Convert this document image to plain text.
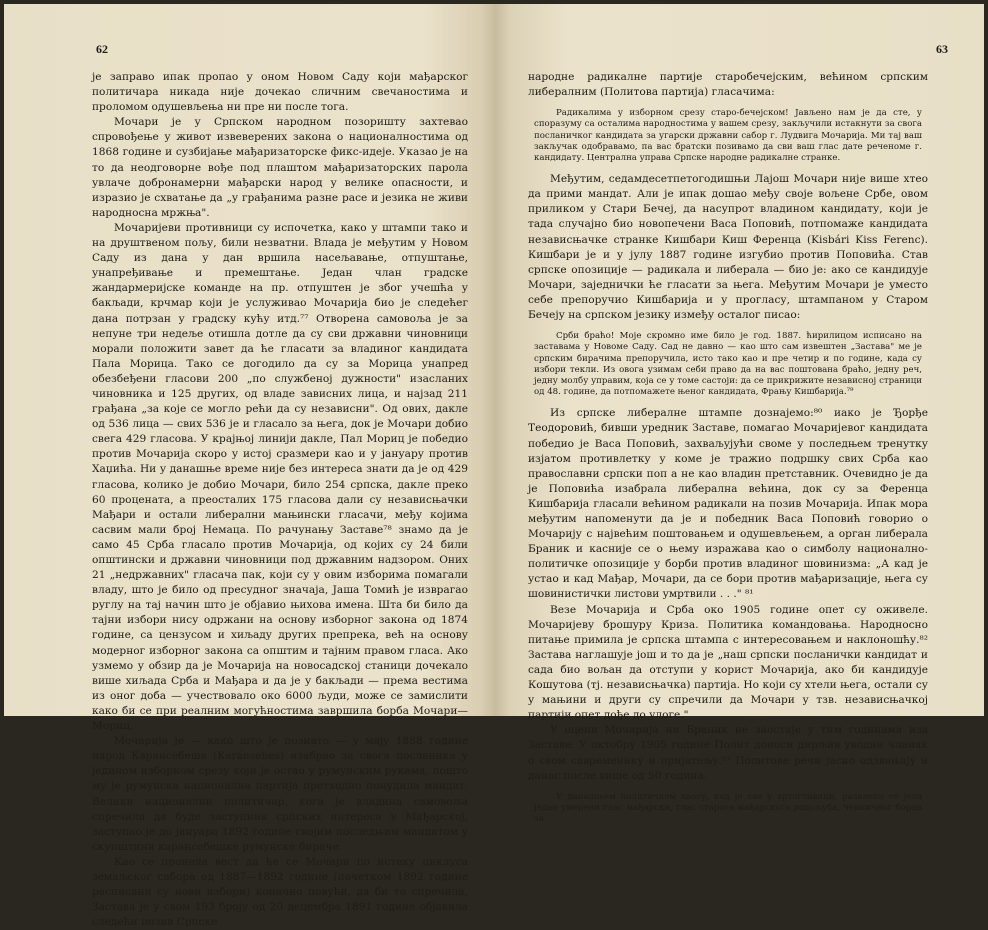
62

је заправо ипак пропао у оном Новом Саду који мађарског политичара никада није дочекао сличним свечаностима и проломом одушевљења ни пре ни после тога.

Мочари је у Српском народном позоришту захтевао спровођење у живот извеверених закона о националностима од 1868 године и сузбијање мађаризаторске фикс-идеје. Указао је на то да неодговорне вође под плаштом мађаризаторских парола увлаче добронамерни мађарски народ у велике опасности, и изразио је схватање да „у грађанима разне расе и језика не живи народносна мржња".

Мочаријеви противници су испочетка, како у штампи тако и на друштвеном пољу, били незватни. Влада је међутим у Новом Саду из дана у дан вршила насељавање, отпуштање, унапређивање и премештање. Један члан градске жандармеријске команде на пр. отпуштен је због учешћа у бакљади, крчмар који је услуживао Мочарија био је следећег дана потрзан у градску кућу итд.⁷⁷ Отворена самовоља је за непуне три недеље отишла дотле да су сви државни чиновници морали положити завет да ће гласати за владиног кандидата Пала Морица. Тако се догодило да су за Морица унапред обезбеђени гласови 200 „по службеној дужности" изасланих чиновника и 125 других, од владе зависних лица, и најзад 211 грађана „за које се могло рећи да су независни". Од ових, дакле од 536 лица — свих 536 је и гласало за њега, док је Мочари добио свега 429 гласова. У крајњој линији дакле, Пал Мориц је победио против Мочарија скоро у истој сразмери као и у јануару против Хаџића. Ни у данашње време није без интереса знати да је од 429 гласова, колико је добио Мочари, било 254 српска, дакле преко 60 процената, а преосталих 175 гласова дали су независњачки Мађари и остали либерални мањински гласачи, међу којима сасвим мали број Немаца. По рачунању Заставе⁷⁸ знамо да је само 45 Срба гласало против Мочарија, од којих су 24 били општински и државни чиновници под државним надзором. Оних 21 „недржавних" гласача пак, који су у овим изборима помагали владу, што је било од пресудног значаја, Јаша Томић је изврагао руглу на тај начин што је објавио њихова имена. Шта би било да тајни избори нису одржани на основу изборног закона од 1874 године, са цензусом и хиљаду других препрека, већ на основу модерног изборног закона са општим и тајним правом гласа. Ако узмемо у обзир да је Мочарија на новосадској станици дочекало више хиљада Срба и Мађара и да је у бакљади — према вестима из оног доба — учествовало око 6000 људи, може се замислити како би се при реалним могућностима завршила борба Мочари—Мориц.

Мочарија је — како што је познато — у мају 1888 године народ Карансебеша (Karánsebes) изабрао за свога посланика у једином изборном срезу који је остао у румунским рукама, пошто му је румунска национална партија претходно понудила мандат. Велики национални политичар, кога је владина самовоља спречила да буде заступник српских интереса у Мађарској, заступао је до јануара 1892 године својим последњим мандатом у скупштини карансебешке румунске бираче.

Као се пронела вест да ће се Мочари по истеку циклуса земаљског сабора од 1887—1892 године (почетком 1892 године расписани су нови избори) коначно повући, да би то спречила, Застава је у свом 193 броју од 20 децембра 1891 године објавила следећи позив Српске

63

народне радикалне партије старобечејским, већином српским либералним (Политова партија) гласачима:

Радикалима у изборном срезу старо-бечејском! Јављено нам је да сте, у споразуму са осталима народностима у вашем срезу, закључили истакнути за свога посланичког кандидата за угарски државни сабор г. Лудвига Мочарија. Ми тај ваш закључак одобравамо, па вас братски позивамо да сви ваш глас дате реченоме г. кандидату. Централна управа Српске народне радикалне странке.

Међутим, седамдесетпетогодишњи Лајош Мочари није више хтео да прими мандат. Али је ипак дошао међу своје вољене Србе, овом приликом у Стари Бечеј, да насупрот владином кандидату, који је тада случајно био новопечени Васа Поповић, потпомаже кандидата независњачке странке Кишбари Киш Ференца (Kisbári Kiss Ferenc). Кишбари је и у јулу 1887 године изгубио против Поповића. Став српске опозиције — радикала и либерала — био је: ако се кандидује Мочари, заједнички ће гласати за њега. Међутим Мочари је уместо себе препоручио Кишбарија и у прогласу, штампаном у Старом Бечеју на српском језику између осталог писао:

Срби браћо! Моје скромно име било је год. 1887. ћирилицом исписано на заставама у Новоме Саду. Сад не давно — као што сам извештен „Застава" ме је српским бирачима препоручила, исто тако као и пре четир и по године, када су избори текли. Из овога узимам себи право да на вас поштована браћо, једну реч, једну молбу управим, која се у томе састоји: да се прикрижите независној страници од 48. године, да потпомажете њеног кандидата, Фрању Кишбарија.⁷⁹

Из српске либералне штампе дознајемо:⁸⁰ иако је Ђорђе Теодоровић, бивши уредник Заставе, помагао Мочаријевог кандидата победио је Васа Поповић, захваљујући своме у последњем тренутку изјатом противлетку у коме је тражио подршку свих Срба као православни српски поп а не као владин претставник. Очевидно је да је Поповића изабрала либерална већина, док су за Ференца Кишбарија гласали већином радикали на позив Мочарија. Ипак мора међутим напоменути да је и победник Васа Поповић говорио о Мочарију с највећим поштовањем и одушевљењем, а орган либерала Браник и касније се о њему изражава као о симболу национално-политичке опозиције у борби против владиног шовинизма: „А кад је устао и кад Мађар, Мочари, да се бори против мађаризације, њега су шовинистички листови умртвили . . ." ⁸¹

Везе Мочарија и Срба око 1905 године опет су оживеле. Мочаријеву брошуру Криза. Политика командовања. Народносно питање примила је српска штампа с интересовањем и наклоношћу.⁸² Застава наглашује још и то да је „наш српски посланички кандидат и сада био вољан да отступи у корист Мочарија, ако би кандидује Кошутова (тј. независњачка) партија. Но који су хтели њега, остали су у мањини и други су спречили да Мочари у тзв. независњачкој партији опет дође до улоге."

У оцени Мочарија ни Браник не заостаје у тим годинама иза Заставе. У октобру 1905 године Полит доноси дирљив уводни чланак о свом савременику и пријатељу.⁸³ Политове речи јасно одзвањају и данас после више од 50 година.

У данашњем политичком хаосу, кад је све у вртоглавици, развлепо се јела један умерени глас мађарски, глас старога мађарскога родољуба, чеиничног борца за
